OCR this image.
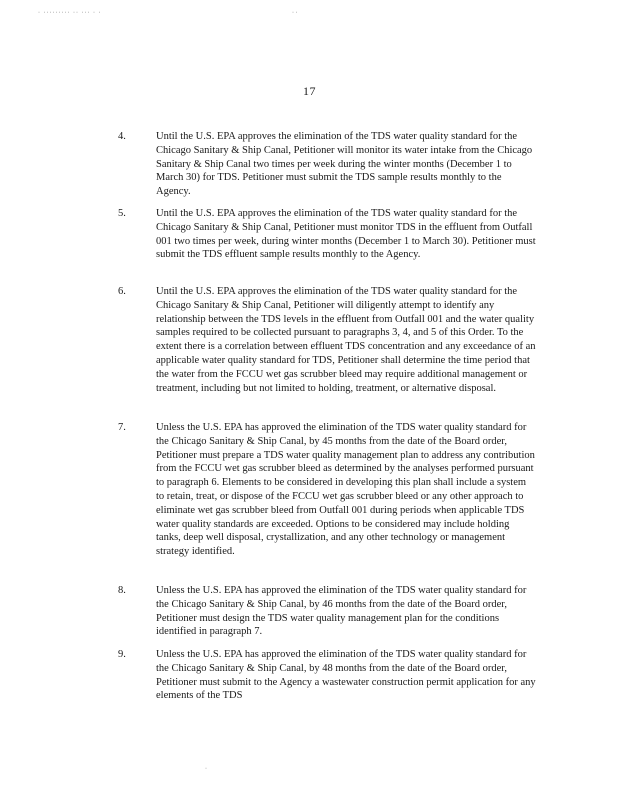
· ········· ·· ··· · ·	· ·
17
4.	Until the U.S. EPA approves the elimination of the TDS water quality standard for the Chicago Sanitary & Ship Canal, Petitioner will monitor its water intake from the Chicago Sanitary & Ship Canal two times per week during the winter months (December 1 to March 30) for TDS. Petitioner must submit the TDS sample results monthly to the Agency.
5.	Until the U.S. EPA approves the elimination of the TDS water quality standard for the Chicago Sanitary & Ship Canal, Petitioner must monitor TDS in the effluent from Outfall 001 two times per week, during winter months (December 1 to March 30). Petitioner must submit the TDS effluent sample results monthly to the Agency.
6.	Until the U.S. EPA approves the elimination of the TDS water quality standard for the Chicago Sanitary & Ship Canal, Petitioner will diligently attempt to identify any relationship between the TDS levels in the effluent from Outfall 001 and the water quality samples required to be collected pursuant to paragraphs 3, 4, and 5 of this Order. To the extent there is a correlation between effluent TDS concentration and any exceedance of an applicable water quality standard for TDS, Petitioner shall determine the time period that the water from the FCCU wet gas scrubber bleed may require additional management or treatment, including but not limited to holding, treatment, or alternative disposal.
7.	Unless the U.S. EPA has approved the elimination of the TDS water quality standard for the Chicago Sanitary & Ship Canal, by 45 months from the date of the Board order, Petitioner must prepare a TDS water quality management plan to address any contribution from the FCCU wet gas scrubber bleed as determined by the analyses performed pursuant to paragraph 6. Elements to be considered in developing this plan shall include a system to retain, treat, or dispose of the FCCU wet gas scrubber bleed or any other approach to eliminate wet gas scrubber bleed from Outfall 001 during periods when applicable TDS water quality standards are exceeded. Options to be considered may include holding tanks, deep well disposal, crystallization, and any other technology or management strategy identified.
8.	Unless the U.S. EPA has approved the elimination of the TDS water quality standard for the Chicago Sanitary & Ship Canal, by 46 months from the date of the Board order, Petitioner must design the TDS water quality management plan for the conditions identified in paragraph 7.
9.	Unless the U.S. EPA has approved the elimination of the TDS water quality standard for the Chicago Sanitary & Ship Canal, by 48 months from the date of the Board order, Petitioner must submit to the Agency a wastewater construction permit application for any elements of the TDS
·
